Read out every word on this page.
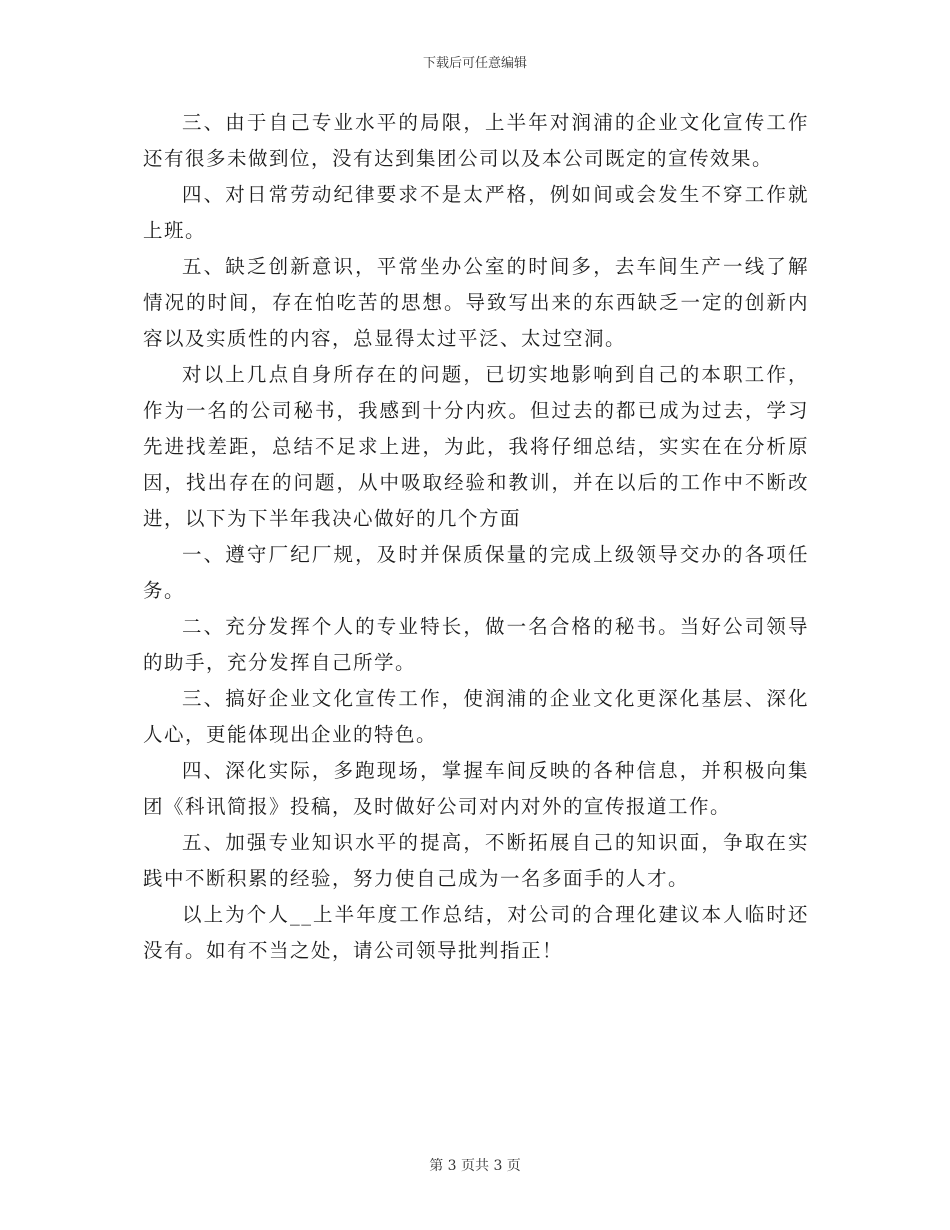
下载后可任意编辑

三、由于自己专业水平的局限，上半年对润浦的企业文化宣传工作还有很多未做到位，没有达到集团公司以及本公司既定的宣传效果。

四、对日常劳动纪律要求不是太严格，例如间或会发生不穿工作就上班。

五、缺乏创新意识，平常坐办公室的时间多，去车间生产一线了解情况的时间，存在怕吃苦的思想。导致写出来的东西缺乏一定的创新内容以及实质性的内容，总显得太过平泛、太过空洞。

对以上几点自身所存在的问题，已切实地影响到自己的本职工作，作为一名的公司秘书，我感到十分内疚。但过去的都已成为过去，学习先进找差距，总结不足求上进，为此，我将仔细总结，实实在在分析原因，找出存在的问题，从中吸取经验和教训，并在以后的工作中不断改进，以下为下半年我决心做好的几个方面

一、遵守厂纪厂规，及时并保质保量的完成上级领导交办的各项任务。

二、充分发挥个人的专业特长，做一名合格的秘书。当好公司领导的助手，充分发挥自己所学。

三、搞好企业文化宣传工作，使润浦的企业文化更深化基层、深化人心，更能体现出企业的特色。

四、深化实际，多跑现场，掌握车间反映的各种信息，并积极向集团《科讯简报》投稿，及时做好公司对内对外的宣传报道工作。

五、加强专业知识水平的提高，不断拓展自己的知识面，争取在实践中不断积累的经验，努力使自己成为一名多面手的人才。

以上为个人__上半年度工作总结，对公司的合理化建议本人临时还没有。如有不当之处，请公司领导批判指正！

第 3 页共 3 页
